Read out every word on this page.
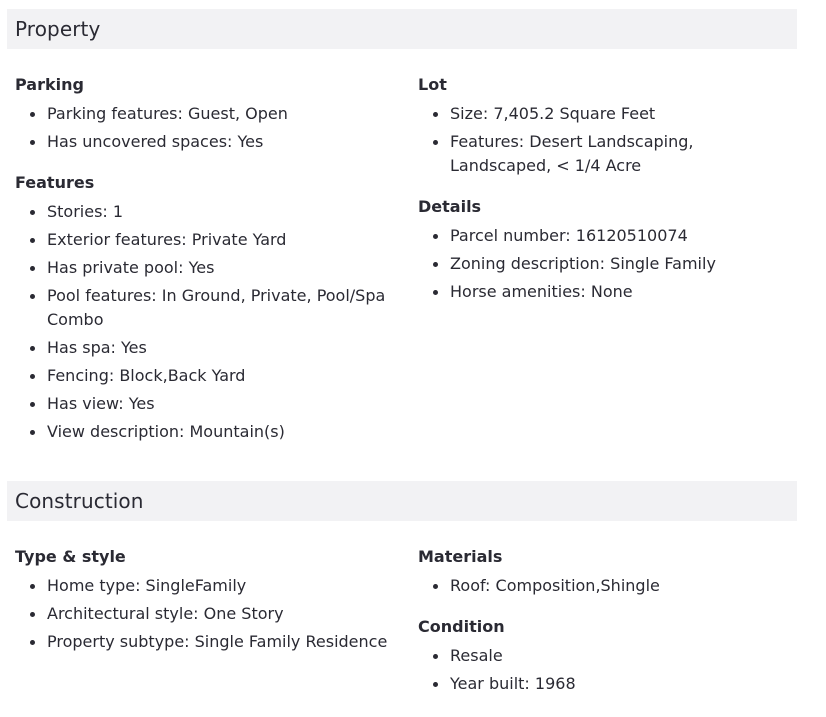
Property
Parking
Parking features: Guest, Open
Has uncovered spaces: Yes
Features
Stories: 1
Exterior features: Private Yard
Has private pool: Yes
Pool features: In Ground, Private, Pool/Spa Combo
Has spa: Yes
Fencing: Block,Back Yard
Has view: Yes
View description: Mountain(s)
Lot
Size: 7,405.2 Square Feet
Features: Desert Landscaping, Landscaped, < 1/4 Acre
Details
Parcel number: 16120510074
Zoning description: Single Family
Horse amenities: None
Construction
Type & style
Home type: SingleFamily
Architectural style: One Story
Property subtype: Single Family Residence
Materials
Roof: Composition,Shingle
Condition
Resale
Year built: 1968
